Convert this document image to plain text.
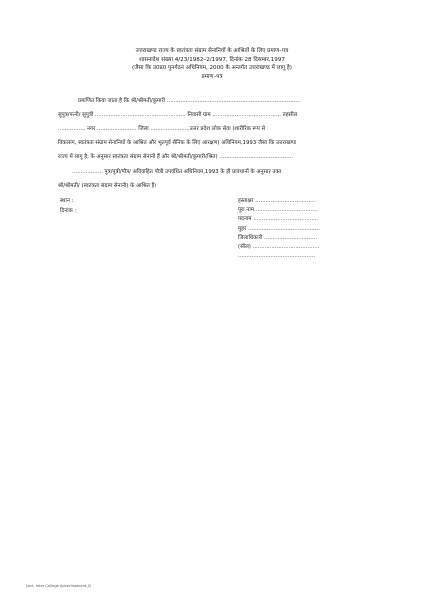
उत्तराखण्ड राज्य के स्वतंत्रता संग्राम सेनानियों के आश्रितों के लिए प्रमाण–पत्र
शासनादेश संख्या 4/23/1982–2/1997, दिनांक 28 दिसम्बर,1997
(जैसा कि उ0प्र0 पुनर्गठन अधिनियम, 2000 के अन्तर्गत उत्तराखण्ड में लागू है)
प्रमाण–पत्र
प्रमाणित किया जाता है कि श्री/श्रीमती/कुमारी ..............................................................................
सुपुत्र/पत्नी/ सुपुत्री ..................................................... निवासी ग्राम ........................................ तहसील
................ नगर ....................... जिला .......................उत्तर प्रदेश लोक सेवा (शारीरिक रूप से
विकलांग, स्वतंत्रता संग्राम सेनानियों के आश्रित और भूतपूर्व सैनिक के लिए आरक्षण) अधिनियम,1993 जैसा कि उत्तराखण्ड
राज्य में लागू है, के अनुसार स्वतंत्रता संग्राम सेनानी हैं और श्री/श्रीमती/कुमारी(श्रित) ...........................................
.................. पुत्र/पुत्री/पौत्र/ अविवाहित पौत्री उपवंधित अधिनियम,1993 के ही प्रावधानों के अनुसार उक्त
श्री/श्रीमती/ (स्वतंत्रता संग्राम सेनानी) के आश्रित हैं।
स्थान :
दिनांक :
हस्ताक्षर ...................................
पूरा नाम.....................................
पदनाम ......................................
मुहर ..........................................
जिलाधिकारी ...............................
(सील) .......................................
.............................................
Lect. Inter College Advertisement_D
